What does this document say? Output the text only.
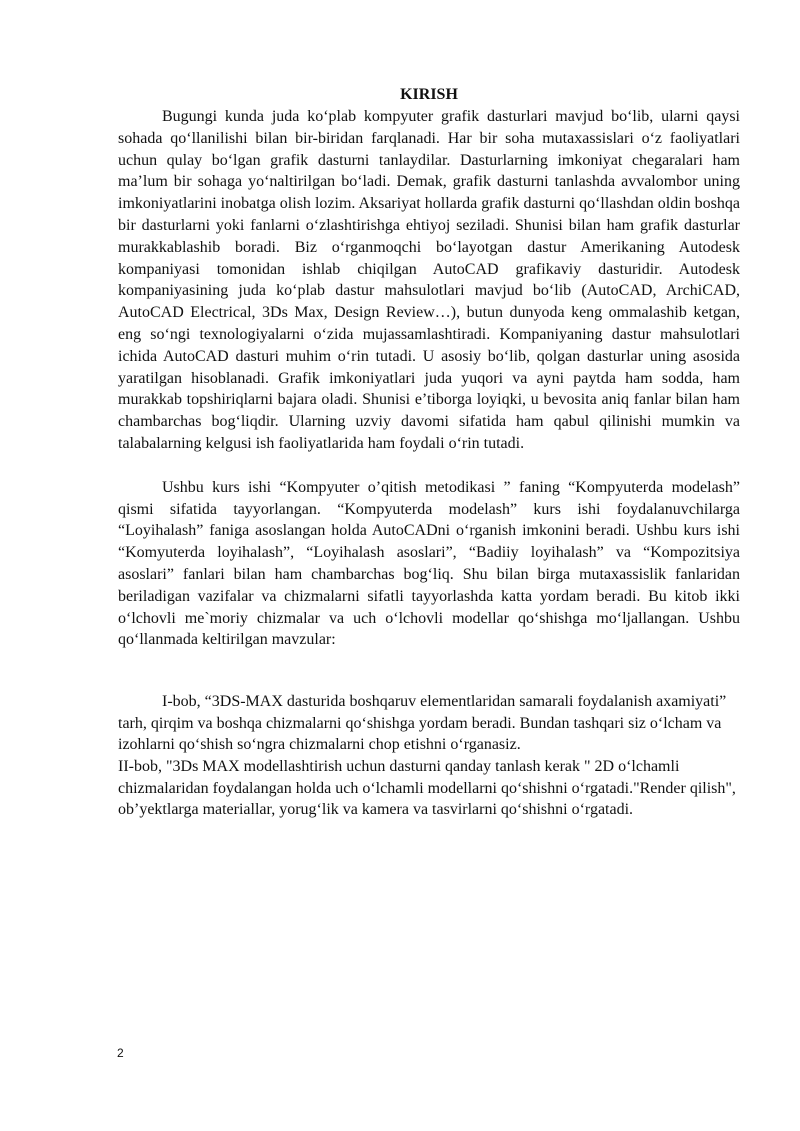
KIRISH

Bugungi kunda juda ko‘plab kompyuter grafik dasturlari mavjud bo‘lib, ularni qaysi sohada qo‘llanilishi bilan bir-biridan farqlanadi. Har bir soha mutaxassislari o‘z faoliyatlari uchun qulay bo‘lgan grafik dasturni tanlaydilar. Dasturlarning imkoniyat chegaralari ham ma’lum bir sohaga yo‘naltirilgan bo‘ladi. Demak, grafik dasturni tanlashda avvalombor uning imkoniyatlarini inobatga olish lozim. Aksariyat hollarda grafik dasturni qo‘llashdan oldin boshqa bir dasturlarni yoki fanlarni o‘zlashtirishga ehtiyoj seziladi. Shunisi bilan ham grafik dasturlar murakkablashib boradi. Biz o‘rganmoqchi bo‘layotgan dastur Amerikaning Autodesk kompaniyasi tomonidan ishlab chiqilgan AutoCAD grafikaviy dasturidir. Autodesk kompaniyasining juda ko‘plab dastur mahsulotlari mavjud bo‘lib (AutoCAD, ArchiCAD, AutoCAD Electrical, 3Ds Max, Design Review…), butun dunyoda keng ommalashib ketgan, eng so‘ngi texnologiyalarni o‘zida mujassamlashtiradi. Kompaniyaning dastur mahsulotlari ichida AutoCAD dasturi muhim o‘rin tutadi. U asosiy bo‘lib, qolgan dasturlar uning asosida yaratilgan hisoblanadi. Grafik imkoniyatlari juda yuqori va ayni paytda ham sodda, ham murakkab topshiriqlarni bajara oladi. Shunisi e’tiborga loyiqki, u bevosita aniq fanlar bilan ham chambarchas bog‘liqdir. Ularning uzviy davomi sifatida ham qabul qilinishi mumkin va talabalarning kelgusi ish faoliyatlarida ham foydali o‘rin tutadi.

Ushbu kurs ishi “Kompyuter o’qitish metodikasi ” faning “Kompyuterda modelash” qismi sifatida tayyorlangan. “Kompyuterda modelash” kurs ishi foydalanuvchilarga “Loyihalash” faniga asoslangan holda AutoCADni o‘rganish imkonini beradi. Ushbu kurs ishi “Komyuterda loyihalash”, “Loyihalash asoslari”, “Badiiy loyihalash” va “Kompozitsiya asoslari” fanlari bilan ham chambarchas bog‘liq. Shu bilan birga mutaxassislik fanlaridan beriladigan vazifalar va chizmalarni sifatli tayyorlashda katta yordam beradi. Bu kitob ikki o‘lchovli me`moriy chizmalar va uch o‘lchovli modellar qo‘shishga mo‘ljallangan. Ushbu qo‘llanmada keltirilgan mavzular:

I-bob, “3DS-MAX dasturida boshqaruv elementlaridan samarali foydalanish axamiyati” tarh, qirqim va boshqa chizmalarni qo‘shishga yordam beradi. Bundan tashqari siz o‘lcham va izohlarni qo‘shish so‘ngra chizmalarni chop etishni o‘rganasiz.

II-bob, "3Ds MAX modellashtirish uchun dasturni qanday tanlash kerak " 2D o‘lchamli chizmalaridan foydalangan holda uch o‘lchamli modellarni qo‘shishni o‘rgatadi."Render qilish", ob’yektlarga materiallar, yorug‘lik va kamera va tasvirlarni qo‘shishni o‘rgatadi.

2
